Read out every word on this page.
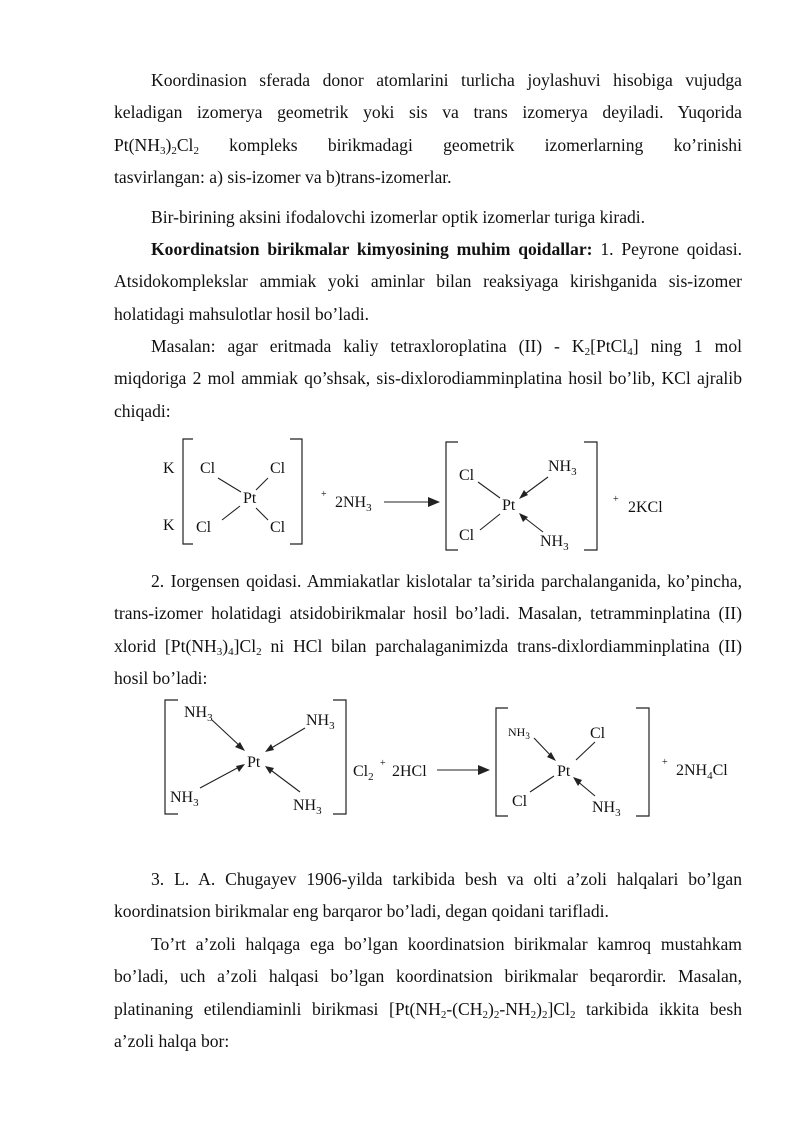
Koordinasion sferada donor atomlarini turlicha joylashuvi hisobiga vujudga
keladigan izomerya geometrik yoki sis va trans izomerya deyiladi. Yuqorida
$Pt(NH_3)_2Cl_2$ kompleks birikmadagi geometrik izomerlarning ko’rinishi
tasvirlangan: a) sis-izomer va b)trans-izomerlar.

Bir-birining aksini ifodalovchi izomerlar optik izomerlar turiga kiradi.

Koordinatsion birikmalar kimyosining muhim qoidallar: 1. Peyrone qoidasi. Atsidokomplekslar ammiak yoki aminlar bilan reaksiyaga kirishganida sis-izomer holatidagi mahsulotlar hosil bo’ladi.

Masalan: agar eritmada kaliy tetraxloroplatina $(II) - K_2[PtCl_4]$ ning 1 mol miqdoriga 2 mol ammiak qo’shsak, sis-dixlorodiamminplatina hosil bo’lib, KCl ajralib chiqadi:

K
K
Cl	Cl
Cl	Cl
Pt	+ $2NH_3$
Cl
Cl
Pt
$NH_3$
$NH_3$
+ 2KCl

2. Iorgensen qoidasi. Ammiakatlar kislotalar ta’sirida parchalanganida, ko’pincha, trans-izomer holatidagi atsidobirikmalar hosil bo’ladi. Masalan, tetramminplatina (II) xlorid $[Pt(NH_3)_4]Cl_2$ ni HCl bilan parchalaganimizda trans-dixlordiamminplatina (II) hosil bo’ladi:

$NH_3$	$NH_3$
$NH_3$	$NH_3$
Pt
$Cl_2$
+ 2HCl
$NH_3$	Cl
Cl	$NH_3$
Pt
+ $2NH_4Cl$

3. L. A. Chugayev 1906-yilda tarkibida besh va olti a’zoli halqalari bo’lgan koordinatsion birikmalar eng barqaror bo’ladi, degan qoidani tarifladi.

To’rt a’zoli halqaga ega bo’lgan koordinatsion birikmalar kamroq mustahkam bo’ladi, uch a’zoli halqasi bo’lgan koordinatsion birikmalar beqarordir. Masalan, platinaning etilendiaminli birikmasi $[Pt(NH_2-(CH_2)_2-NH_2)_2]Cl_2$ tarkibida ikkita besh a’zoli halqa bor:
